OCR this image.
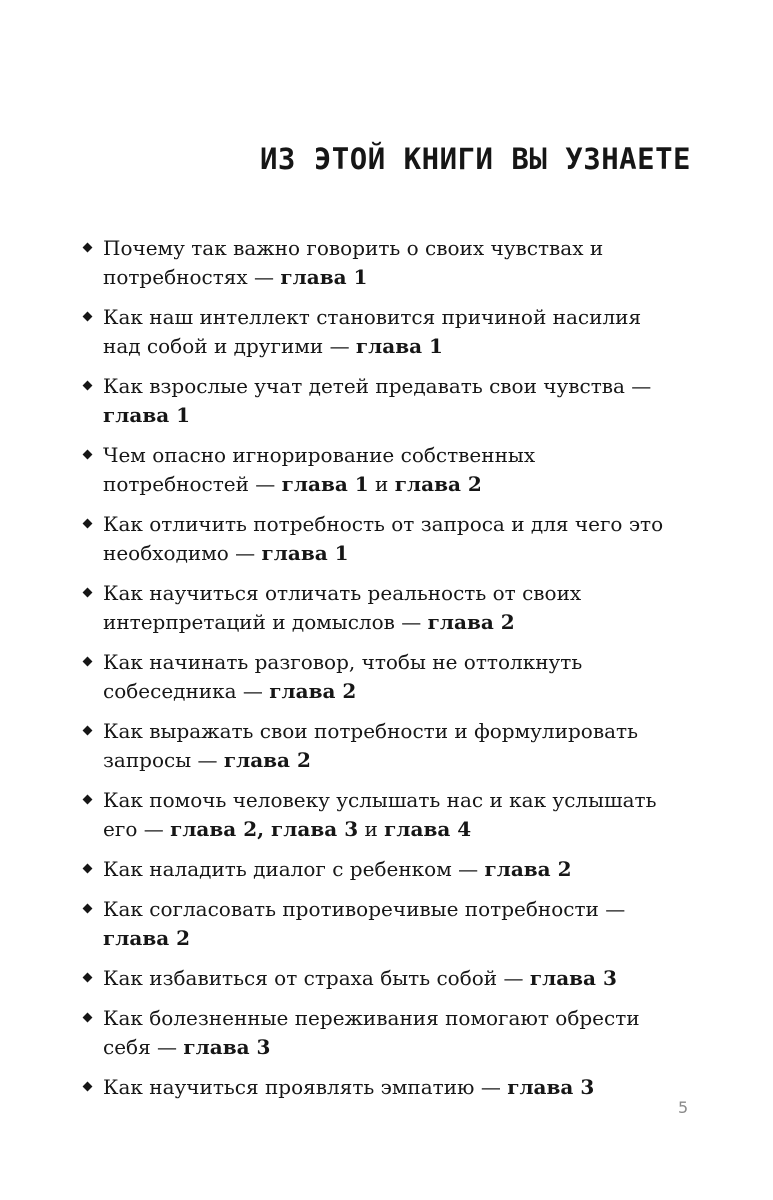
ИЗ ЭТОЙ КНИГИ ВЫ УЗНАЕТЕ
Почему так важно говорить о своих чувствах и потребностях — глава 1
Как наш интеллект становится причиной насилия над собой и другими — глава 1
Как взрослые учат детей предавать свои чувства — глава 1
Чем опасно игнорирование собственных потребностей — глава 1 и глава 2
Как отличить потребность от запроса и для чего это необходимо — глава 1
Как научиться отличать реальность от своих интерпретаций и домыслов — глава 2
Как начинать разговор, чтобы не оттолкнуть собеседника — глава 2
Как выражать свои потребности и формулировать запросы — глава 2
Как помочь человеку услышать нас и как услышать его — глава 2, глава 3 и глава 4
Как наладить диалог с ребенком — глава 2
Как согласовать противоречивые потребности — глава 2
Как избавиться от страха быть собой — глава 3
Как болезненные переживания помогают обрести себя — глава 3
Как научиться проявлять эмпатию — глава 3
5
